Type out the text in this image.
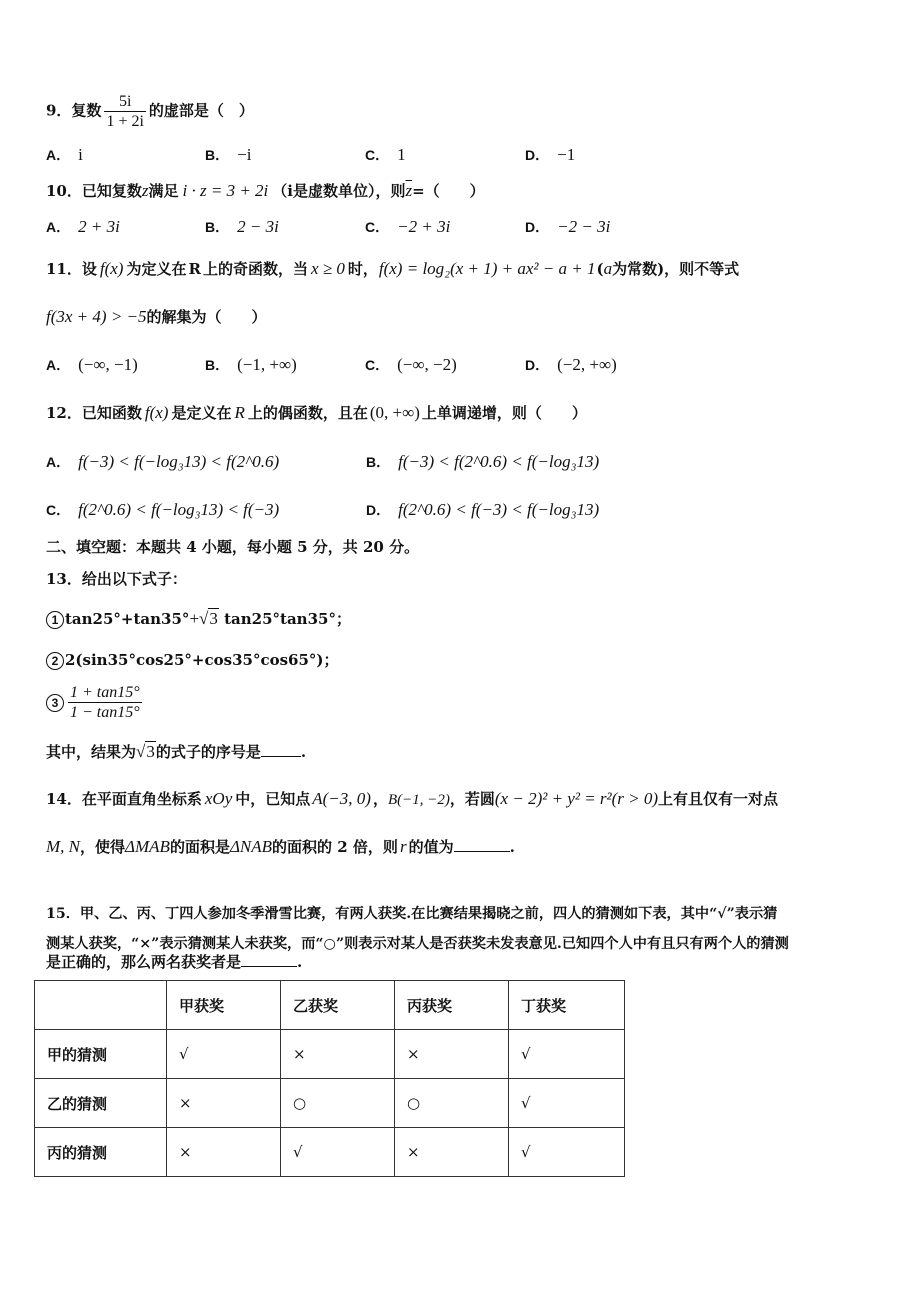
9．复数 $\frac{5i}{1 + 2i}$ 的虚部是（　）
A． i	B． −i	C． 1	D． −1
10．已知复数z满足 i · z = 3 + 2i （i是虚数单位），则$\overline{z}=$（　　）
A． 2 + 3i	B． 2 − 3i	C． −2 + 3i	D． −2 − 3i
11．设 f(x) 为定义在 R 上的奇函数，当 x ≥ 0 时，f(x) = log₂(x + 1) + ax² − a + 1(a为常数)，则不等式
f(3x + 4) > −5的解集为（　　）
A． (−∞, −1)	B． (−1, +∞)	C． (−∞, −2)	D． (−2, +∞)
12．已知函数 f(x) 是定义在 R 上的偶函数，且在 (0, +∞) 上单调递增，则（　　）
A． f(−3) < f(−log₃13) < f(2^0.6)	B． f(−3) < f(2^0.6) < f(−log₃13)
C． f(2^0.6) < f(−log₃13) < f(−3)	D． f(2^0.6) < f(−3) < f(−log₃13)
二、填空题：本题共 4 小题，每小题 5 分，共 20 分。
13．给出以下式子：
1 tan25°+tan35°+√3 tan25°tan35°；
2 2(sin35°cos25°+cos35°cos65°)；
$3 \frac{1 + \tan 15^\circ}{1 - \tan 15^\circ}$
其中，结果为√3的式子的序号是	.
14．在平面直角坐标系 xOy 中，已知点 A(−3, 0) ，B(−1, −2)，若圆(x − 2)² + y² = r²(r > 0)上有且仅有一对点
M, N，使得ΔMAB的面积是ΔNAB的面积的 2 倍，则 r 的值为	.
15．甲、乙、丙、丁四人参加冬季滑雪比赛，有两人获奖.在比赛结果揭晓之前，四人的猜测如下表，其中“√”表示猜
测某人获奖，“×”表示猜测某人未获奖，而“○”则表示对某人是否获奖未发表意见.已知四个人中有且只有两个人的猜测
是正确的，那么两名获奖者是	.
	甲获奖	乙获奖	丙获奖	丁获奖
甲的猜测	√	×	×	√
乙的猜测	×	○	○	√
丙的猜测	×	√	×	√
